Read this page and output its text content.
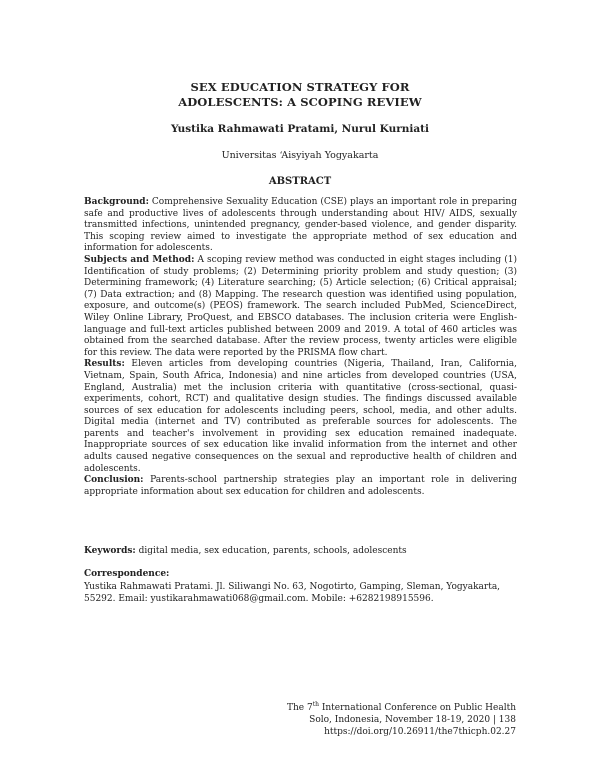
SEX EDUCATION STRATEGY FOR
ADOLESCENTS: A SCOPING REVIEW
Yustika Rahmawati Pratami, Nurul Kurniati
Universitas ‘Aisyiyah Yogyakarta
ABSTRACT

Background: Comprehensive Sexuality Education (CSE) plays an important role in preparing safe and productive lives of adolescents through understanding about HIV/ AIDS, sexually transmitted infections, unintended pregnancy, gender-based violence, and gender disparity. This scoping review aimed to investigate the appropriate method of sex education and information for adolescents.

Subjects and Method: A scoping review method was conducted in eight stages including (1) Identification of study problems; (2) Determining priority problem and study question; (3) Determining framework; (4) Literature searching; (5) Article selection; (6) Critical appraisal; (7) Data extraction; and (8) Mapping. The research question was identified using population, exposure, and outcome(s) (PEOS) framework. The search included PubMed, ScienceDirect, Wiley Online Library, ProQuest, and EBSCO databases. The inclusion criteria were English-language and full-text articles published between 2009 and 2019. A total of 460 articles was obtained from the searched database. After the review process, twenty articles were eligible for this review. The data were reported by the PRISMA flow chart.

Results: Eleven articles from developing countries (Nigeria, Thailand, Iran, California, Vietnam, Spain, South Africa, Indonesia) and nine articles from developed countries (USA, England, Australia) met the inclusion criteria with quantitative (cross-sectional, quasi-experiments, cohort, RCT) and qualitative design studies. The findings discussed available sources of sex education for adolescents including peers, school, media, and other adults. Digital media (internet and TV) contributed as preferable sources for adolescents. The parents and teacher's involvement in providing sex education remained inadequate. Inappropriate sources of sex education like invalid information from the internet and other adults caused negative consequences on the sexual and reproductive health of children and adolescents.

Conclusion: Parents-school partnership strategies play an important role in delivering appropriate information about sex education for children and adolescents.

Keywords: digital media, sex education, parents, schools, adolescents
Correspondence:
Yustika Rahmawati Pratami. Jl. Siliwangi No. 63, Nogotirto, Gamping, Sleman, Yogyakarta, 55292. Email: yustikarahmawati068@gmail.com. Mobile: +6282198915596.
The 7th International Conference on Public Health
Solo, Indonesia, November 18-19, 2020 | 138
https://doi.org/10.26911/the7thicph.02.27
